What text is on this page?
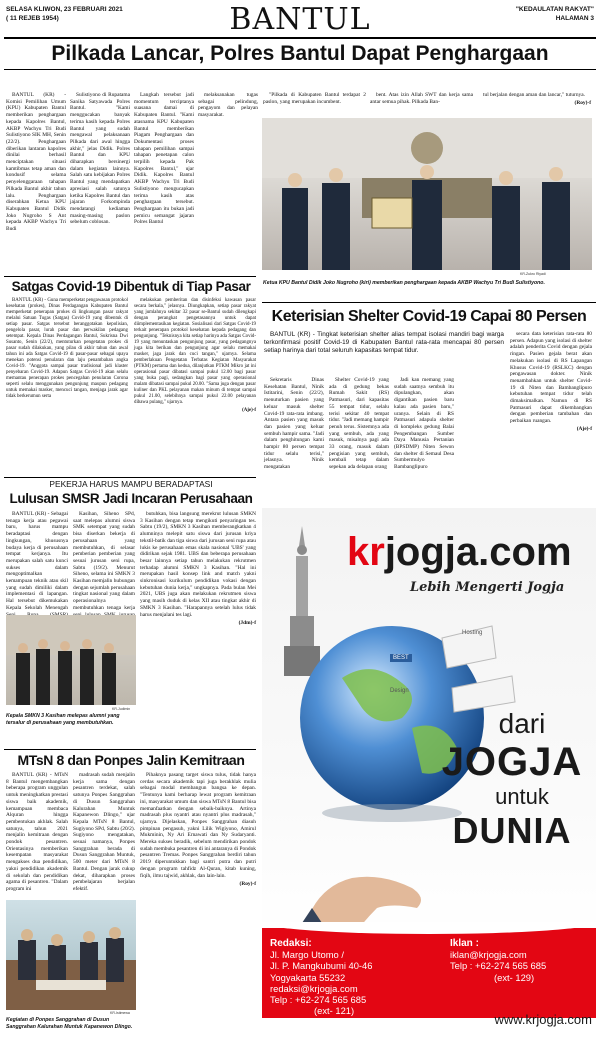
SELASA KLIWON, 23 FEBRUARI 2021
( 11 REJEB 1954)	BANTUL	"KEDAULATAN RAKYAT"
HALAMAN 3
Pilkada Lancar, Polres Bantul Dapat Penghargaan

BANTUL (KR) - Komisi Pemilihan Umum (KPU) Kabupaten Bantul memberikan penghargaan kepada Kapolres Bantul, AKBP Wachyu Tri Budi Sulistiyono SIK MH, Senin (22/2). Penghargaan diberikan lantaran kapolres dinilai berhasil menciptakan situasi kamtibmas tetap aman dan kondusif selama penyelenggaraan tahapan Pilkada Bantul akhir tahun lalu. Penghargaan diserahkan Ketua KPU Kabupaten Bantul Didik Joko Nugroho S Ant kepada AKBP Wachyu Tri Budi

Sulistiyono di Rupatama Sanika Satyawada Polres Bantul. "Kami menggucakan banyak terima kasih kepada Polres Bantul yang sudah mengawal pelaksanaan Pilkada dari awal hingga akhir," jelas Didik. Polres Bantul dan KPU diharapkan bersinergi dalam kegiatan lainnya. Salah satu kebijakan Polres Bantul yang mendapatkan apresiasi salah satunya ketika Kapolres Bantul dan jajaran Forkompinda mendatangi kediaman masing-masing paslon sebelum coblosan.

Langkah tersebut jadi momentum terciptanya suasana damai di Kabupaten Bantul. "Kami atasnama KPU Kabupaten Bantul memberikan Piagam Penghargaan dan Dokumentasi proses tahapan pemilihan sampai tahapan penetapan calon terpilih kepada Pak Kapolres Bantul," ujar Didik. Kapolres Bantul AKBP Wachyu Tri Budi Sulistiyono mengucapkan terima kasih atas penghargaan tersebut. Penghargaan itu bukan jadi pemicu semangat jajaran Polres Bantul

melaksanakan tugas sebagai pelindung, pengayom dan pelayan masyarakat.

"Pilkada di Kabupaten Bantul terdapat 2 paslon, yang merupakan incumbent.

bent. Atas izin Allah SWT dan kerja sama antar semua pihak. Pilkada Ban-

tul berjalan dengan aman dan lancar," tuturnya.

(Roy)-f
KR-Zukro Riyadi
Ketua KPU Bantul Didik Joko Nugroho (kiri) memberikan penghargaan kepada AKBP Wachyu Tri Budi Sulistiyono.
Satgas Covid-19 Dibentuk di Tiap Pasar

BANTUL (KR) - Guna memperketat pengawasan protokol kesehatan (prokes), Dinas Perdagangan Kabupaten Bantul memperketat penerapan prokes di lingkungan pasar rakyat melalui Satuan Tugas (Satgas) Covid-19 yang dibentuk di setiap pasar. Satgas tersebut beranggotakan kepolisian, pengelola pasar, lurah pasar dan perwakilan pedagang setempat. Kepala Dinas Perdagangan Bantul, Sukrisna Dwi Susanto, Senin (22/2), mentuturkan pengetatan prokes di pasar sudah dilakukan, yang pilau di akhir tahun dan awal tahun ini ada Satgas Covid-19 di pasar-pasar sebagai upaya menekan potensi penularan dan laju penambahan angka Covid-19. "Anggota sampai pasar tradisional jadi klaster penyebaran Covid-19. Adapun Satgas Covid-19 akan selalu memantau penerapan prokes pencegahan penularan Corona seperti selalu menggunakan pengunjung maupun pedagang untuk memakai masker, mencuci tangan, menjaga jarak agar tidak berkerumun serta

melakukan pemberitan dan disinfeksi kawasan pasar secara berkala," jelasnya. Diungkapkan, setiap pasar rakyat yang jumlahnya sekitar 32 pasar se-Bantul sudah dilengkapi dengan perangkat pengetasannya untuk dapat diimplementasikan kegiatan. Sosialisasi dari Satgas Covid-19 terkait penerapan protokol kesehatan kepada pedagang dan pengunjung. "Teknisnya kita setiap harinya ada Satgas Covid-19 yang menuntaskan pengunjung pasar, yang pedagangnya juga kita berikan dan pengunjung agar selalu memakai masker, jaga jarak dan cuci tangan," ujarnya. Selama pemberlakuan Pengetatan Terbatas Kegiatan Masyarakat (PTKM) pertama dan kedua, dilanjutkan PTKM Mikro jat ini operasional pasar dibatasi sampai pukul 12.00 bagi pasar yang buka pagi, sedangkan bagi pasar yang operasional malam dibatasi sampai pukul 20.00. "Sama juga dengan pasar kuliner dan PKL pelayanan makan minum di tempat sampai pukul 21.00, selebihnya sampai pukul 22.00 pelayanan dibawa pulang," ujarnya.

(Aje)-f
Keterisian Shelter Covid-19 Capai 80 Persen

BANTUL (KR) - Tingkat keterisian shelter alias tempat isolasi mandiri bagi warga terkonfirmasi positif Covid-19 di Kabupaten Bantul rata-rata mencapai 80 persen setiap harinya dari total seluruh kapasitas tempat tidur.

Sekretaris Dinas Kesehatan Bantul, Ninik Istitarini, Senin (22/2), menuturkan pasien yang keluar masuk shelter Covid-19 rata-rata imbang. Antara pasien yang masuk dan pasien yang keluar sembuh hampir sama. "Jadi dalam penghitungan kami hampir 80 persen tempat tidur selalu terisi," jelasnya. Ninik mengatakan

Shelter Covid-19 yang ada di gedung bekas Rumah Sakit (RS) Patmasuri, dari kapasitas 55 tempat tidur, selalu terisi sekitar 40 tempat tidur. "Jadi memang hampir penuh terus. Sistemnya ada yang sembuh, ada yang masuk, misalnya pagi ada 33 orang, masuk dalam pengisian yang sembuh, kembali tetap dalam sepekan ada delapan orang

Jadi kan memang yang sudah saatnya sembuh itu dipulangkan, akan digantikan pasien baru kalau ada pasien baru," uranya. Selain di RS Patmasuri adapula shelter di kompleks gedung Balai Pengembangan Sumber Daya Manusia Pertanian (BPSDMP) Niten Sewon dan shelter di Semaul Desa Sumbermulyo Bambanglipuro

secara data keterisian rata-rata 80 persen. Adapun yang isolasi di shelter adalah penderita Covid dengan gejala ringan. Pasien gejala berat akan melakukan isolasi di RS Lapangan Khusus Covid-19 (RSLKC) dengan pengawasan dokter. Ninik menambahkan untuk shelter Covid-19 di Niten dan Bambanglipuro kebutuhan tempat tidur telah dimaksimalkan. Namun di RS Patmasuri dapat dikembangkan dengan pemberian tambahan dan perbaikan ruangan.

(Aje)-f
PEKERJA HARUS MAMPU BERADAPTASI
Lulusan SMSR Jadi Incaran Perusahaan

BANTUL (KR) - Sebagai tenaga kerja atau pegawai baru, harus mampu beradaptasi dengan lingkungan, khususnya budaya kerja di perusahaan tempat kerjanya. Itu merupakan salah satu kunci sukses dalam mengoptimalkan kemampuan teknik atau skil yang sudah dimiliki dalam implementasi di lapangan. Hal tersebut dikemukakan Kepala Sekolah Menengah

Kasihan, Siheno SPd, saat melepas alumni siswa SMK setempat yang sudah bisa diserkan bekerja di perusahaan yang membutuhkan, di selasar pemberian pemberian yang sesuai jurusan seni rupa, Sabtu (19/2). Menurut Siheno, selama ini SMKN 3 Kasihan memjalin hubungan dengan sejumlah perusahaan tingkat nasional yang dalam operasionalnya membutuhkan tenaga kerja

butuhkan, bisa langsung merekrut lulusan SMKN 3 Kasihan dengan tetap mengikuti penyaringan tes. Sabtu (19/2), SMKN 3 Kasihan memberangkatkan 4 alumninya melepit satu siswa dari jurusan kriya tekstil-batik dan tiga siswa dari jurusan seni rupa atau lukis ke perusahaan emas skala nasional 'UBS' yang didirikan sejak 1981. UBS dan beberapa perusahaan besar lainnya setiap tahun melakukan rekrutmen terhadap alumni SMKN 3 Kasihan. "Hal ini merupakan hasil konsep link and match yakni sinkronisasi kurikulum pendidikan vokasi dengan kebutuhan dunia kerja," ungkapnya. Pada bulan Mei 2021, UBS juga akan melakukan rekrutmen siswa yang masih duduk di kelas XII atau tingkat akhir di SMKN 3 Kasihan. "Harapannya setelah lulus tidak harus menjalani tes lagi.

(Jdm)-f
KR-Judimin
Kepala SMKN 3 Kasihan melepas alumni yang tersalur di perusahaan yang membutuhkan.
MTsN 8 dan Ponpes Jalin Kemitraan

BANTUL (KR) - MTsN 8 Bantul mengembangkan beberapa program unggulan untuk meningkatkan prestasi siswa baik akademik, kemampuan membaca Alquran hingga pembentukan akhlak. Salah satunya, tahun 2021 menjalin kemitraan dengan pondok pesantren. Orientasinya memberikan kesempatan masyarakat mengakses dua pendidikan, yakni pendidikan akademik di sekolah dan pendidikan agama di pesantren. "Dalam program ini

madrasah sudah menjalin kerja sama dengan pesantren terdekat, salah satunya Ponpes Sanggrahan di Dusun Sanggrahan Kalurahan Muntuk Kapanewon Dlingo," ujar Kepala MTsN 8 Bantul, Sugiyono SPd, Sabtu (20/2). Sugiyono mengatakan, sesuai namanya, Ponpes Sanggrahan berada di Dusun Sanggrahan Muntuk, 500 meter dari MTsN 8 Bantul. Dengan jarak cukup dekat, diharapkan proses pembelajaran berjalan efektif.

Pihaknya pasang target siswa tulus, tidak hanya cerdas secara akademik tapi juga berakhlak mulia sebagai modal membangun bangsa ke depan. "Tentunya kami berharap lewat program kemitraan ini, masyarakat umum dan siswa MTsN 8 Bantul bisa memanfaatkan dengan sebaik-baiknya. Artinya madrasah plus nyantri atau nyantri plus madrasah," ujarnya. Dijelaskan, Ponpes Sanggrahan diasuh pimpinan pengasuh, yakni Lilik Wigiyono, Amirul Mukminin, Ny Ari Ernawati dan Ny Sudaryanti. Mereka sukses beradik, sebelum mendirikan pondok sudah membuka pesantren di ini antaranya di Pondok pesantren Tremas. Ponpes Sanggrahan berdiri tahun 2019 diperuntukkan bagi santri putra dan putri dengan program tahfidz Al-Quran, kitab kuning, fiqih, ilmu tajwid, akhlak, dan lain-lain.

(Roy)-f
KR-Istimewa
Kegiatan di Ponpes Sanggrahan di Dusun Sanggrahan Kalurahan Muntuk Kapanewon Dlingo.
krjogja.com
Lebih Mengerti Jogja
Hosting
BEST
Design
dari
JOGJA
untuk
DUNIA
Redaksi:
Jl. Margo Utomo /
Jl. P. Mangkubumi 40-46
Yogyakarta 55232
redaksi@krjogja.com
Telp : +62-274 565 685
(ext- 121)
Iklan :
iklan@krjogja.com
Telp : +62-274 565 685
(ext- 129)
www.krjogja.com
